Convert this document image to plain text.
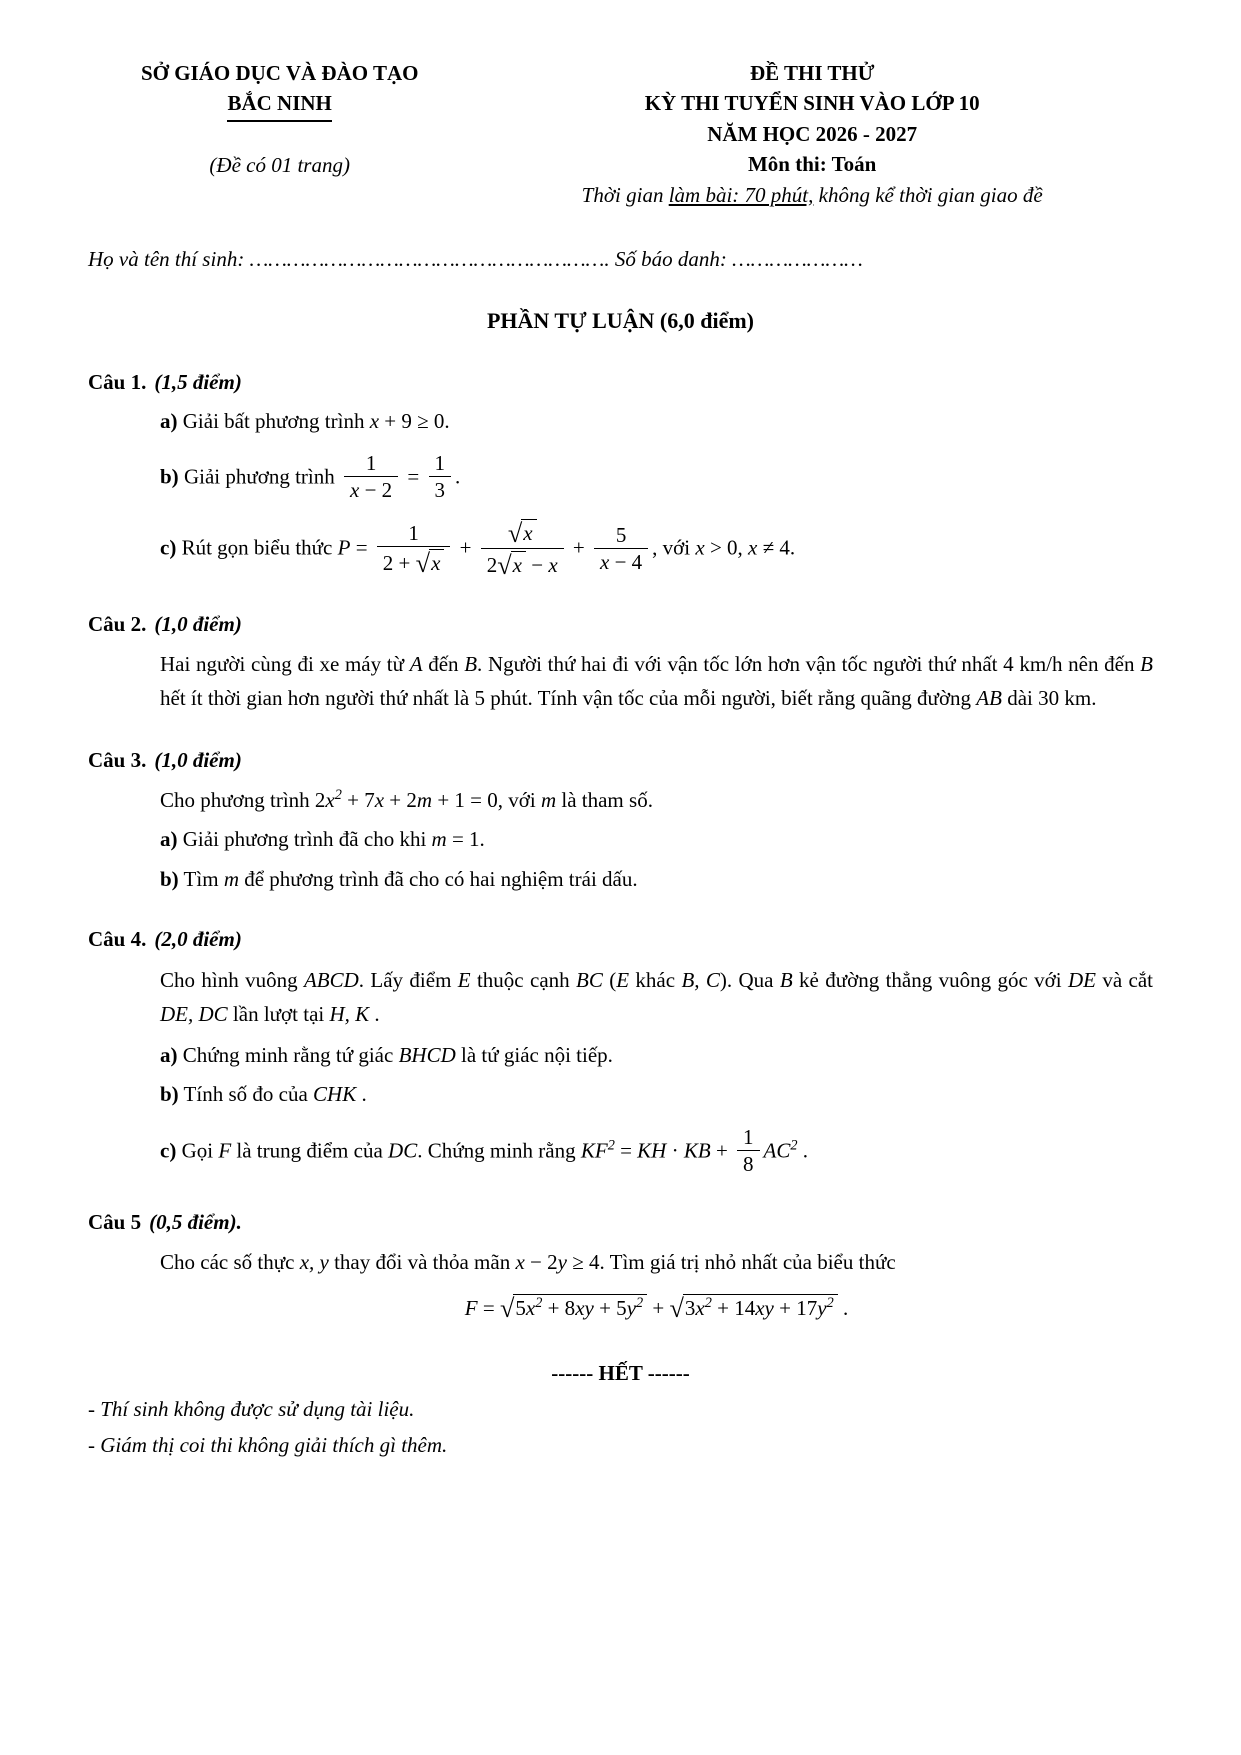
SỞ GIÁO DỤC VÀ ĐÀO TẠO
BẮC NINH
(Đề có 01 trang)
ĐỀ THI THỬ
KỲ THI TUYỂN SINH VÀO LỚP 10
NĂM HỌC 2026 - 2027
Môn thi: Toán
Thời gian làm bài: 70 phút, không kể thời gian giao đề
Họ và tên thí sinh: …………………………………………………. Số báo danh: …………………
PHẦN TỰ LUẬN (6,0 điểm)
Câu 1. (1,5 điểm)
a) Giải bất phương trình x + 9 ≥ 0.
b) Giải phương trình $\frac{1}{x - 2} = \frac{1}{3}$ .
c) Rút gọn biểu thức $P = \frac{1}{2 + √x} + \frac{√x}{2√x - x} + \frac{5}{x - 4}$ , với x > 0, x ≠ 4.
Câu 2. (1,0 điểm)
Hai người cùng đi xe máy từ A đến B. Người thứ hai đi với vận tốc lớn hơn vận tốc người thứ nhất 4 km/h nên đến B hết ít thời gian hơn người thứ nhất là 5 phút. Tính vận tốc của mỗi người, biết rằng quãng đường AB dài 30 km.
Câu 3. (1,0 điểm)
Cho phương trình $2x^2 + 7x + 2m + 1 = 0$, với m là tham số.
a) Giải phương trình đã cho khi m = 1.
b) Tìm m để phương trình đã cho có hai nghiệm trái dấu.
Câu 4. (2,0 điểm)
Cho hình vuông ABCD. Lấy điểm E thuộc cạnh BC (E khác B, C). Qua B kẻ đường thẳng vuông góc với DE và cắt DE, DC lần lượt tại H, K .
a) Chứng minh rằng tứ giác BHCD là tứ giác nội tiếp.
b) Tính số đo của CHK .
c) Gọi F là trung điểm của DC. Chứng minh rằng $KF^2$ = KH · KB + $\frac{1}{8} AC^2$ .
Câu 5 (0,5 điểm).
Cho các số thực x, y thay đổi và thỏa mãn x − 2y ≥ 4. Tìm giá trị nhỏ nhất của biểu thức
$F = √5x^2 + 8xy + 5y^2 + √3x^2 + 14xy + 17y^2$ .
------ HẾT ------
- Thí sinh không được sử dụng tài liệu.
- Giám thị coi thi không giải thích gì thêm.
